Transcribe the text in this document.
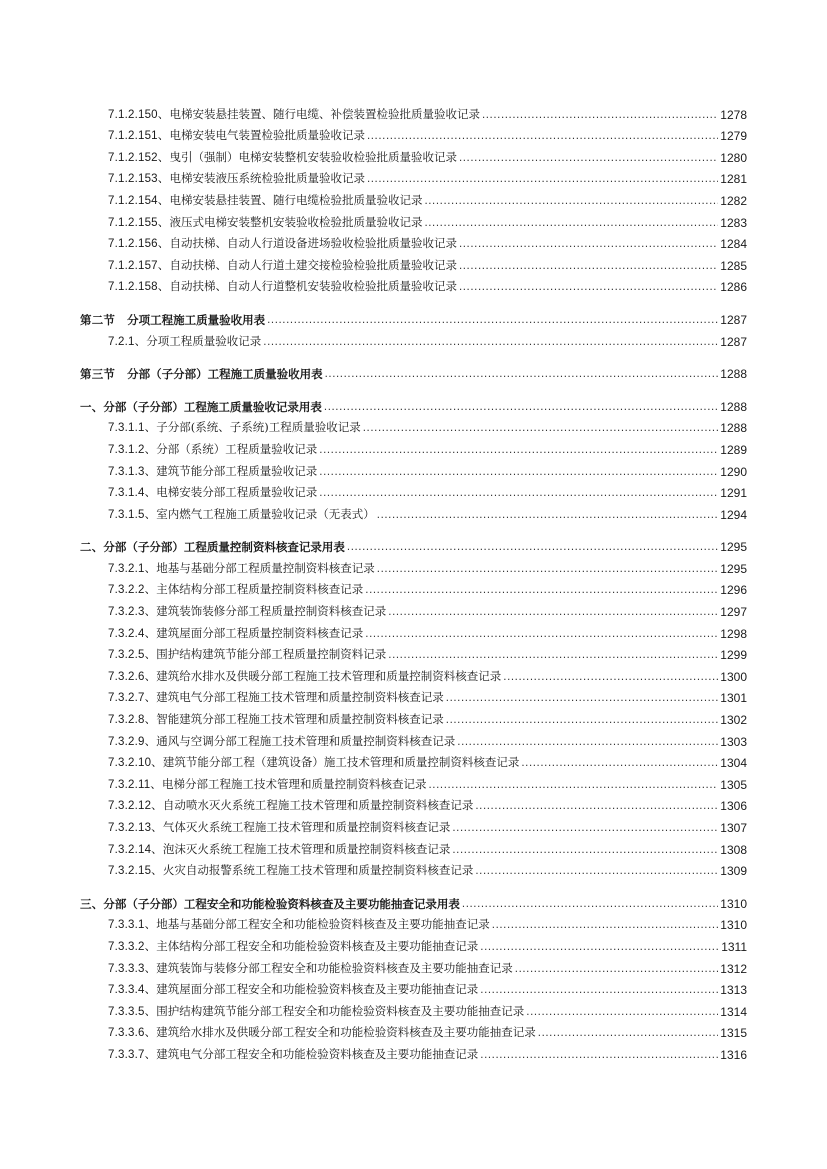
7.1.2.150、电梯安装悬挂装置、随行电缆、补偿装置检验批质量验收记录 .....	1278
7.1.2.151、电梯安装电气装置检验批质量验收记录 .....	1279
7.1.2.152、曳引（强制）电梯安装整机安装验收检验批质量验收记录 .....	1280
7.1.2.153、电梯安装液压系统检验批质量验收记录 .....	1281
7.1.2.154、电梯安装悬挂装置、随行电缆检验批质量验收记录 .....	1282
7.1.2.155、液压式电梯安装整机安装验收检验批质量验收记录 .....	1283
7.1.2.156、自动扶梯、自动人行道设备进场验收检验批质量验收记录 .....	1284
7.1.2.157、自动扶梯、自动人行道土建交接检验检验批质量验收记录 .....	1285
7.1.2.158、自动扶梯、自动人行道整机安装验收检验批质量验收记录 .....	1286
第二节 分项工程施工质量验收用表 .....	1287
7.2.1、分项工程质量验收记录 .....	1287
第三节 分部（子分部）工程施工质量验收用表 .....	1288
一、分部（子分部）工程施工质量验收记录用表 .....	1288
7.3.1.1、子分部(系统、子系统)工程质量验收记录 .....	1288
7.3.1.2、分部（系统）工程质量验收记录 .....	1289
7.3.1.3、建筑节能分部工程质量验收记录 .....	1290
7.3.1.4、电梯安装分部工程质量验收记录 .....	1291
7.3.1.5、室内燃气工程施工质量验收记录（无表式） .....	1294
二、分部（子分部）工程质量控制资料核查记录用表 .....	1295
7.3.2.1、地基与基础分部工程质量控制资料核查记录 .....	1295
7.3.2.2、主体结构分部工程质量控制资料核查记录 .....	1296
7.3.2.3、建筑装饰装修分部工程质量控制资料核查记录 .....	1297
7.3.2.4、建筑屋面分部工程质量控制资料核查记录 .....	1298
7.3.2.5、围护结构建筑节能分部工程质量控制资料记录 .....	1299
7.3.2.6、建筑给水排水及供暖分部工程施工技术管理和质量控制资料核查记录 .....	1300
7.3.2.7、建筑电气分部工程施工技术管理和质量控制资料核查记录 .....	1301
7.3.2.8、智能建筑分部工程施工技术管理和质量控制资料核查记录 .....	1302
7.3.2.9、通风与空调分部工程施工技术管理和质量控制资料核查记录 .....	1303
7.3.2.10、建筑节能分部工程（建筑设备）施工技术管理和质量控制资料核查记录 .....	1304
7.3.2.11、电梯分部工程施工技术管理和质量控制资料核查记录 .....	1305
7.3.2.12、自动喷水灭火系统工程施工技术管理和质量控制资料核查记录 .....	1306
7.3.2.13、气体灭火系统工程施工技术管理和质量控制资料核查记录 .....	1307
7.3.2.14、泡沫灭火系统工程施工技术管理和质量控制资料核查记录 .....	1308
7.3.2.15、火灾自动报警系统工程施工技术管理和质量控制资料核查记录 .....	1309
三、分部（子分部）工程安全和功能检验资料核查及主要功能抽查记录用表 .....	1310
7.3.3.1、地基与基础分部工程安全和功能检验资料核查及主要功能抽查记录 .....	1310
7.3.3.2、主体结构分部工程安全和功能检验资料核查及主要功能抽查记录 .....	1311
7.3.3.3、建筑装饰与装修分部工程安全和功能检验资料核查及主要功能抽查记录 .....	1312
7.3.3.4、建筑屋面分部工程安全和功能检验资料核查及主要功能抽查记录 .....	1313
7.3.3.5、围护结构建筑节能分部工程安全和功能检验资料核查及主要功能抽查记录 .....	1314
7.3.3.6、建筑给水排水及供暖分部工程安全和功能检验资料核查及主要功能抽查记录 .....	1315
7.3.3.7、建筑电气分部工程安全和功能检验资料核查及主要功能抽查记录 .....	1316
